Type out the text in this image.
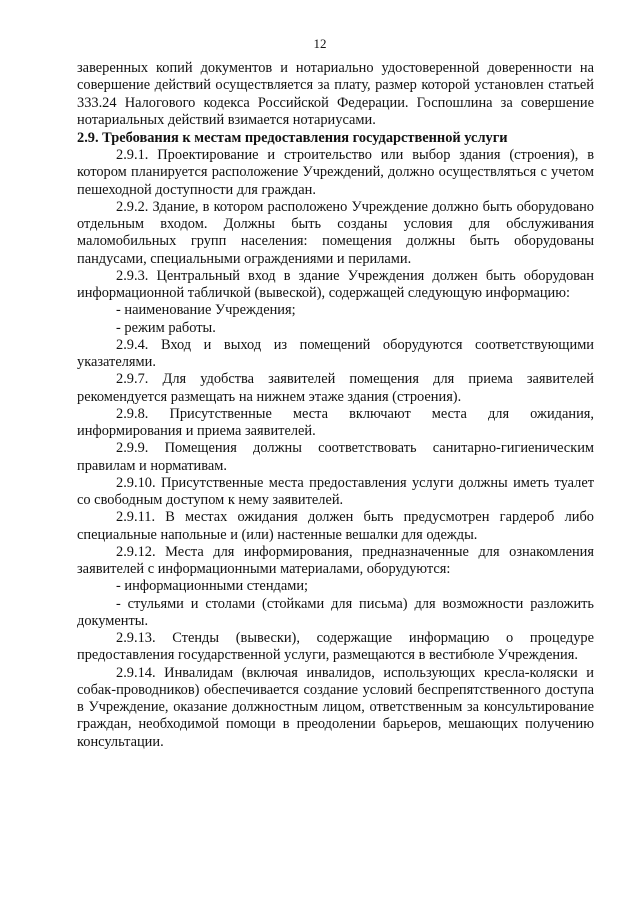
12

заверенных копий документов и нотариально удостоверенной доверенности на совершение действий осуществляется за плату, размер которой установлен статьей 333.24 Налогового кодекса Российской Федерации. Госпошлина за совершение нотариальных действий взимается нотариусами.

2.9. Требования к местам предоставления государственной услуги

2.9.1. Проектирование и строительство или выбор здания (строения), в котором планируется расположение Учреждений, должно осуществляться с учетом пешеходной доступности для граждан.

2.9.2. Здание, в котором расположено Учреждение должно быть оборудовано отдельным входом. Должны быть созданы условия для обслуживания маломобильных групп населения: помещения должны быть оборудованы пандусами, специальными ограждениями и перилами.

2.9.3. Центральный вход в здание Учреждения должен быть оборудован информационной табличкой (вывеской), содержащей следующую информацию:

- наименование Учреждения;

- режим работы.

2.9.4. Вход и выход из помещений оборудуются соответствующими указателями.

2.9.7. Для удобства заявителей помещения для приема заявителей рекомендуется размещать на нижнем этаже здания (строения).

2.9.8. Присутственные места включают места для ожидания, информирования и приема заявителей.

2.9.9. Помещения должны соответствовать санитарно-гигиеническим правилам и нормативам.

2.9.10. Присутственные места предоставления услуги должны иметь туалет со свободным доступом к нему заявителей.

2.9.11. В местах ожидания должен быть предусмотрен гардероб либо специальные напольные и (или) настенные вешалки для одежды.

2.9.12. Места для информирования, предназначенные для ознакомления заявителей с информационными материалами, оборудуются:

- информационными стендами;

- стульями и столами (стойками для письма) для возможности разложить документы.

2.9.13. Стенды (вывески), содержащие информацию о процедуре предоставления государственной услуги, размещаются в вестибюле Учреждения.

2.9.14. Инвалидам (включая инвалидов, использующих кресла-коляски и собак-проводников) обеспечивается создание условий беспрепятственного доступа в Учреждение, оказание должностным лицом, ответственным за консультирование граждан, необходимой помощи в преодолении барьеров, мешающих получению консультации.
